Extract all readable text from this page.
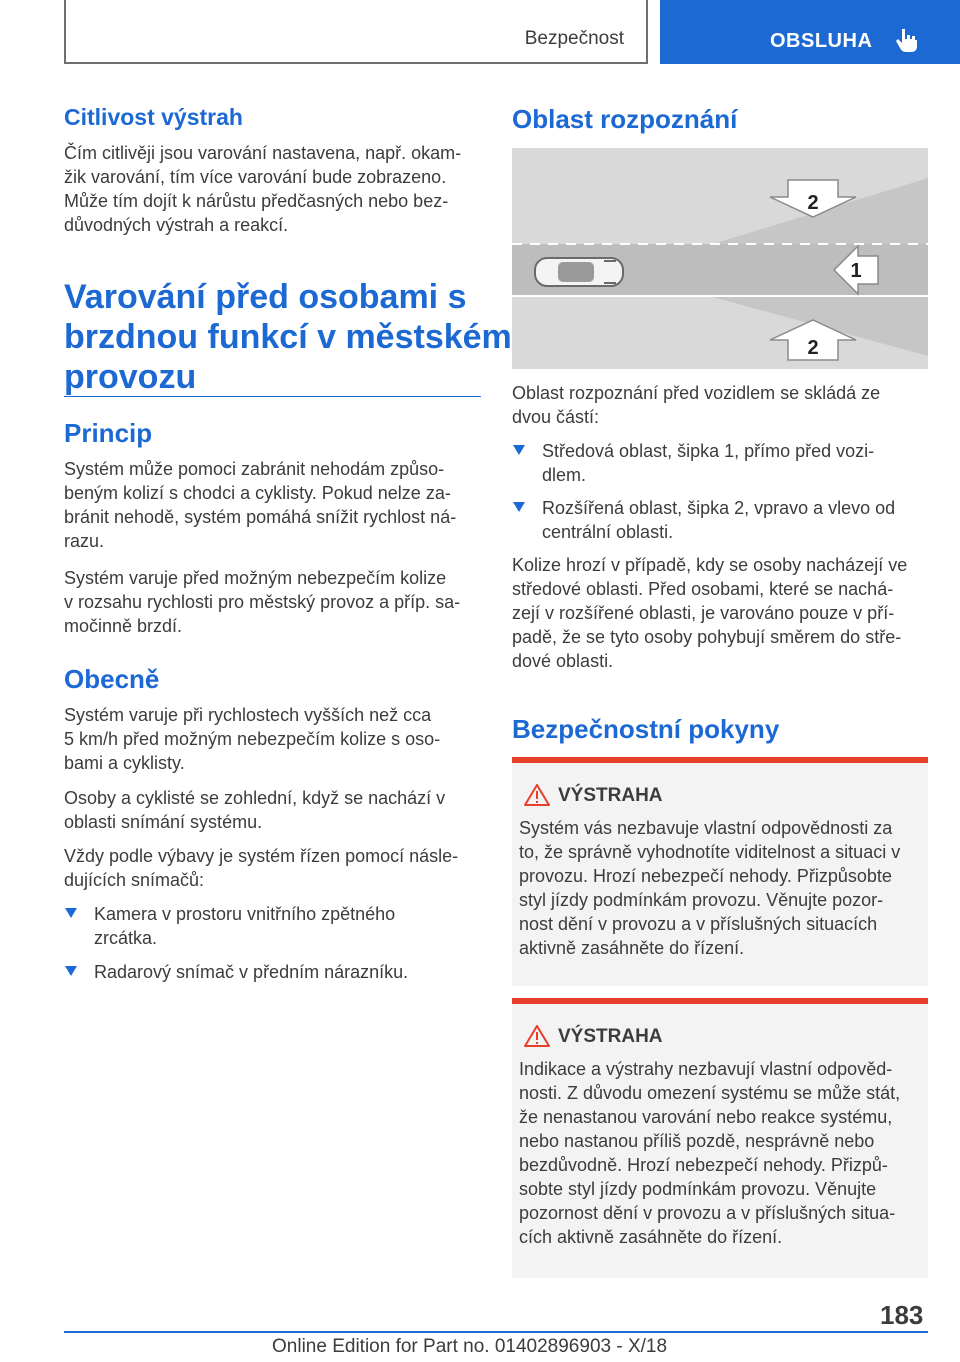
Bezpečnost	OBSLUHA
Citlivost výstrah
Čím citlivěji jsou varování nastavena, např. okam-
žik varování, tím více varování bude zobrazeno.
Může tím dojít k nárůstu předčasných nebo bez-
důvodných výstrah a reakcí.
Varování před osobami s
brzdnou funkcí v městském
provozu
Princip
Systém může pomoci zabránit nehodám způso-
beným kolizí s chodci a cyklisty. Pokud nelze za-
bránit nehodě, systém pomáhá snížit rychlost ná-
razu.
Systém varuje před možným nebezpečím kolize
v rozsahu rychlosti pro městský provoz a příp. sa-
močinně brzdí.
Obecně
Systém varuje při rychlostech vyšších než cca
5 km/h před možným nebezpečím kolize s oso-
bami a cyklisty.
Osoby a cyklisté se zohlední, když se nachází v
oblasti snímání systému.
Vždy podle výbavy je systém řízen pomocí násle-
dujících snímačů:
Kamera v prostoru vnitřního zpětného
zrcátka.
Radarový snímač v předním nárazníku.
Oblast rozpoznání
2
1
2
Oblast rozpoznání před vozidlem se skládá ze
dvou částí:
Středová oblast, šipka 1, přímo před vozi-
dlem.
Rozšířená oblast, šipka 2, vpravo a vlevo od
centrální oblasti.
Kolize hrozí v případě, kdy se osoby nacházejí ve
středové oblasti. Před osobami, které se nachá-
zejí v rozšířené oblasti, je varováno pouze v pří-
padě, že se tyto osoby pohybují směrem do stře-
dové oblasti.
Bezpečnostní pokyny
VÝSTRAHA
Systém vás nezbavuje vlastní odpovědnosti za
to, že správně vyhodnotíte viditelnost a situaci v
provozu. Hrozí nebezpečí nehody. Přizpůsobte
styl jízdy podmínkám provozu. Věnujte pozor-
nost dění v provozu a v příslušných situacích
aktivně zasáhněte do řízení.
VÝSTRAHA
Indikace a výstrahy nezbavují vlastní odpověd-
nosti. Z důvodu omezení systému se může stát,
že nenastanou varování nebo reakce systému,
nebo nastanou příliš pozdě, nesprávně nebo
bezdůvodně. Hrozí nebezpečí nehody. Přizpů-
sobte styl jízdy podmínkám provozu. Věnujte
pozornost dění v provozu a v příslušných situa-
cích aktivně zasáhněte do řízení.
183
Online Edition for Part no. 01402896903 - X/18
